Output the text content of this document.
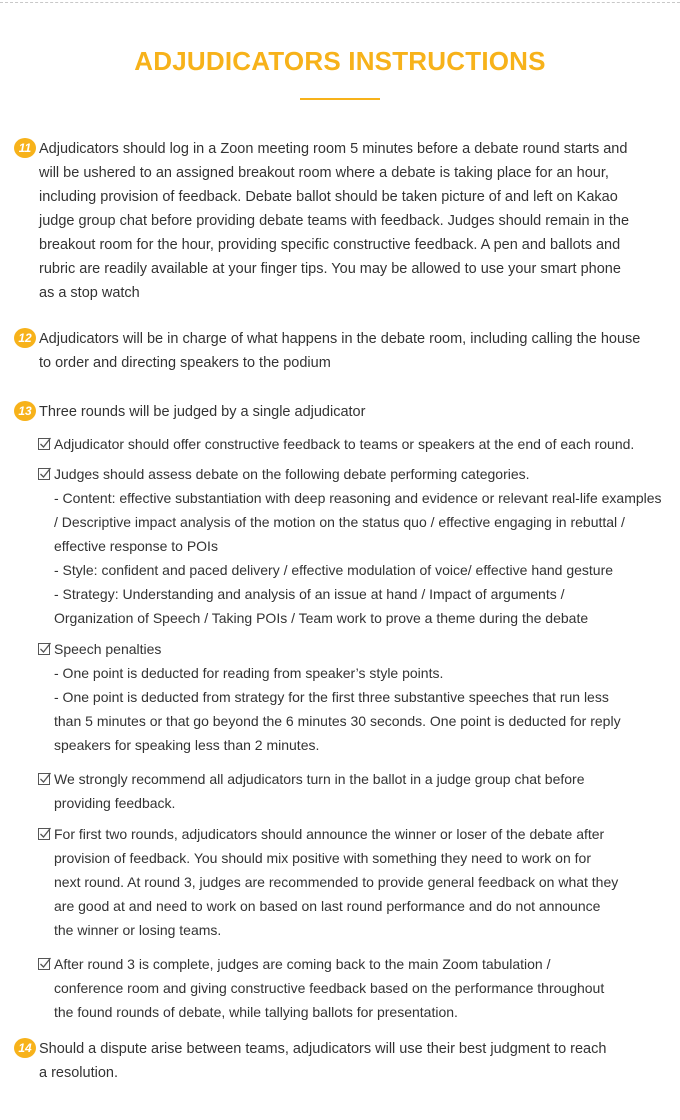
ADJUDICATORS INSTRUCTIONS
11 Adjudicators should log in a Zoon meeting room 5 minutes before a debate round starts and
will be ushered to an assigned breakout room where a debate is taking place for an hour,
including provision of feedback. Debate ballot should be taken picture of and left on Kakao
judge group chat before providing debate teams with feedback. Judges should remain in the
breakout room for the hour, providing specific constructive feedback. A pen and ballots and
rubric are readily available at your finger tips. You may be allowed to use your smart phone
as a stop watch
12 Adjudicators will be in charge of what happens in the debate room, including calling the house
to order and directing speakers to the podium
13 Three rounds will be judged by a single adjudicator
Adjudicator should offer constructive feedback to teams or speakers at the end of each round.
Judges should assess debate on the following debate performing categories.
- Content: effective substantiation with deep reasoning and evidence or relevant real-life examples
/ Descriptive impact analysis of the motion on the status quo / effective engaging in rebuttal /
effective response to POIs
- Style: confident and paced delivery / effective modulation of voice/ effective hand gesture
- Strategy: Understanding and analysis of an issue at hand / Impact of arguments /
Organization of Speech / Taking POIs / Team work to prove a theme during the debate
Speech penalties
- One point is deducted for reading from speaker’s style points.
- One point is deducted from strategy for the first three substantive speeches that run less
than 5 minutes or that go beyond the 6 minutes 30 seconds. One point is deducted for reply
speakers for speaking less than 2 minutes.
We strongly recommend all adjudicators turn in the ballot in a judge group chat before
providing feedback.
For first two rounds, adjudicators should announce the winner or loser of the debate after
provision of feedback. You should mix positive with something they need to work on for
next round. At round 3, judges are recommended to provide general feedback on what they
are good at and need to work on based on last round performance and do not announce
the winner or losing teams.
After round 3 is complete, judges are coming back to the main Zoom tabulation /
conference room and giving constructive feedback based on the performance throughout
the found rounds of debate, while tallying ballots for presentation.
14 Should a dispute arise between teams, adjudicators will use their best judgment to reach
a resolution.
